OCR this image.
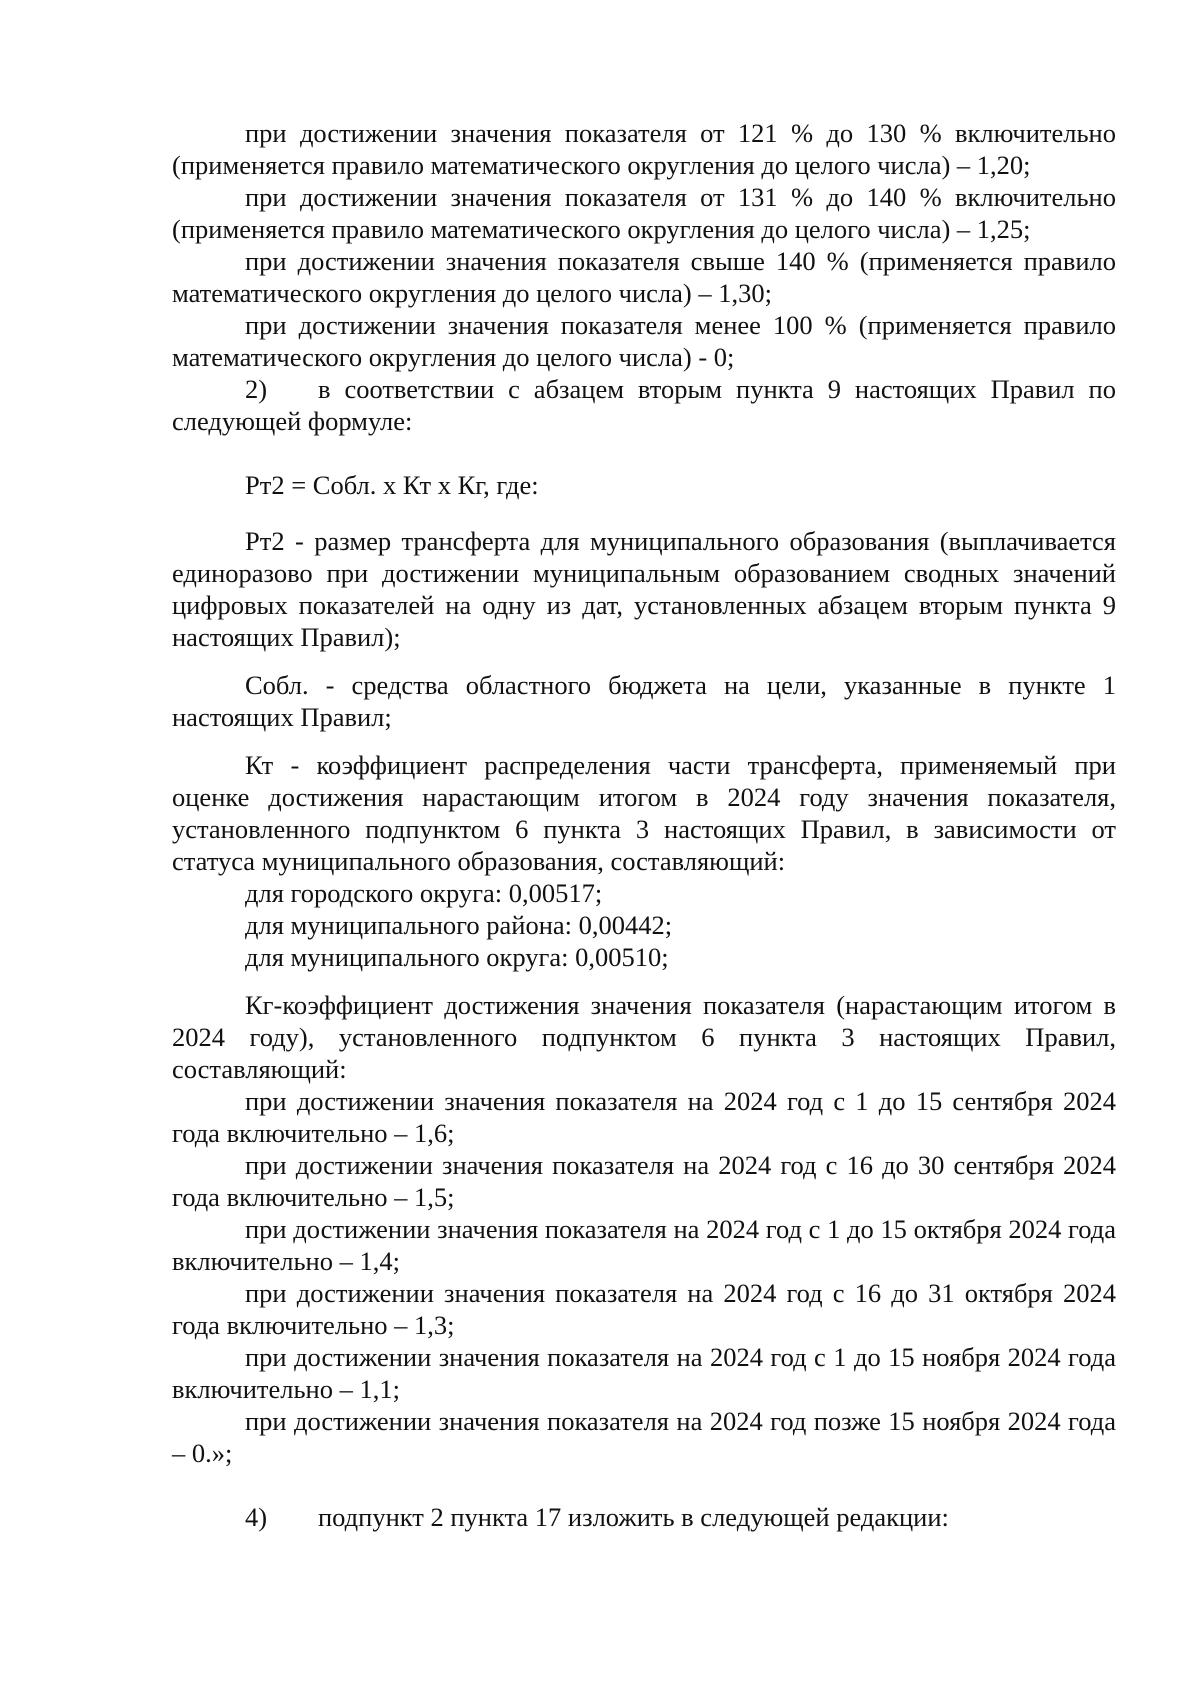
при достижении значения показателя от 121 % до 130 % включительно (применяется правило математического округления до целого числа) – 1,20;
при достижении значения показателя от 131 % до 140 % включительно (применяется правило математического округления до целого числа) – 1,25;
при достижении значения показателя свыше 140 % (применяется правило математического округления до целого числа) – 1,30;
при достижении значения показателя менее 100 % (применяется правило математического округления до целого числа) - 0;
2) в соответствии с абзацем вторым пункта 9 настоящих Правил по
следующей формуле:
Рт2 = Собл. х Кт х Кг, где:
Рт2 - размер трансферта для муниципального образования (выплачивается единоразово при достижении муниципальным образованием сводных значений цифровых показателей на одну из дат, установленных абзацем вторым пункта 9 настоящих Правил);
Собл. - средства областного бюджета на цели, указанные в пункте 1 настоящих Правил;
Кт - коэффициент распределения части трансферта, применяемый при оценке достижения нарастающим итогом в 2024 году значения показателя, установленного подпунктом 6 пункта 3 настоящих Правил, в зависимости от статуса муниципального образования, составляющий:
для городского округа: 0,00517;
для муниципального района: 0,00442;
для муниципального округа: 0,00510;
Кг-коэффициент достижения значения показателя (нарастающим итогом в 2024 году), установленного подпунктом 6 пункта 3 настоящих Правил, составляющий:
при достижении значения показателя на 2024 год с 1 до 15 сентября 2024 года включительно – 1,6;
при достижении значения показателя на 2024 год с 16 до 30 сентября 2024 года включительно – 1,5;
при достижении значения показателя на 2024 год с 1 до 15 октября 2024 года включительно – 1,4;
при достижении значения показателя на 2024 год с 16 до 31 октября 2024 года включительно – 1,3;
при достижении значения показателя на 2024 год с 1 до 15 ноября 2024 года включительно – 1,1;
при достижении значения показателя на 2024 год позже 15 ноября 2024 года – 0.»;
4) подпункт 2 пункта 17 изложить в следующей редакции:
